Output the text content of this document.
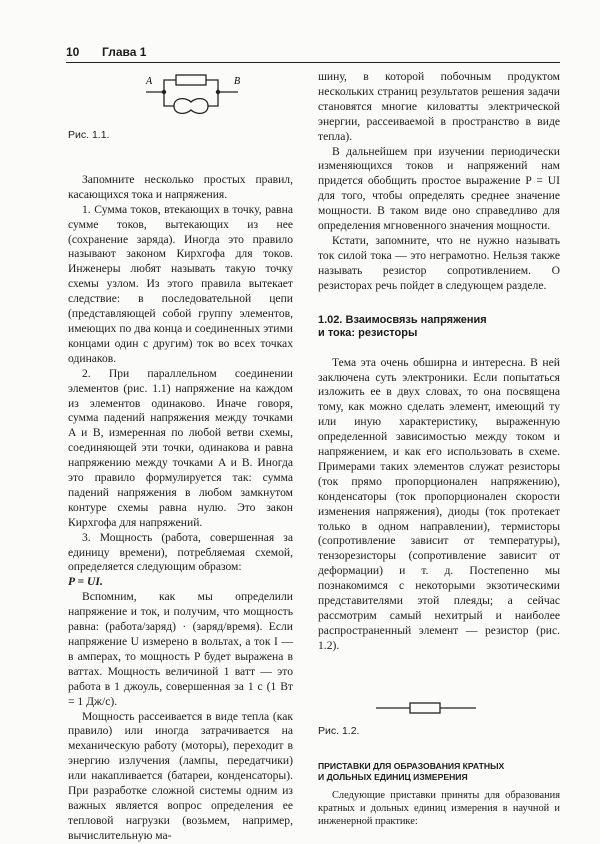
10 Глава 1
A	B

Рис. 1.1.

Запомните несколько простых правил, касающихся тока и напряжения.

1. Сумма токов, втекающих в точку, равна сумме токов, вытекающих из нее (сохранение заряда). Иногда это правило называют законом Кирхгофа для токов. Инженеры любят называть такую точку схемы узлом. Из этого правила вытекает следствие: в последовательной цепи (представляющей собой группу элементов, имеющих по два конца и соединенных этими концами один с другим) ток во всех точках одинаков.

2. При параллельном соединении элементов (рис. 1.1) напряжение на каждом из элементов одинаково. Иначе говоря, сумма падений напряжения между точками A и B, измеренная по любой ветви схемы, соединяющей эти точки, одинакова и равна напряжению между точками A и B. Иногда это правило формулируется так: сумма падений напряжения в любом замкнутом контуре схемы равна нулю. Это закон Кирхгофа для напряжений.

3. Мощность (работа, совершенная за единицу времени), потребляемая схемой, определяется следующим образом:

P = UI.

Вспомним, как мы определили напряжение и ток, и получим, что мощность равна: (работа/заряд) · (заряд/время). Если напряжение U измерено в вольтах, а ток I — в амперах, то мощность P будет выражена в ваттах. Мощность величиной 1 ватт — это работа в 1 джоуль, совершенная за 1 с (1 Вт = 1 Дж/с).

Мощность рассеивается в виде тепла (как правило) или иногда затрачивается на механическую работу (моторы), переходит в энергию излучения (лампы, передатчики) или накапливается (батареи, конденсаторы). При разработке сложной системы одним из важных является вопрос определения ее тепловой нагрузки (возьмем, например, вычислительную ма-

шину, в которой побочным продуктом нескольких страниц результатов решения задачи становятся многие киловатты электрической энергии, рассеиваемой в пространство в виде тепла).

В дальнейшем при изучении периодически изменяющихся токов и напряжений нам придется обобщить простое выражение P = UI для того, чтобы определять среднее значение мощности. В таком виде оно справедливо для определения мгновенного значения мощности.

Кстати, запомните, что не нужно называть ток силой тока — это неграмотно. Нельзя также называть резистор сопротивлением. О резисторах речь пойдет в следующем разделе.

1.02. Взаимосвязь напряжения
и тока: резисторы

Тема эта очень обширна и интересна. В ней заключена суть электроники. Если попытаться изложить ее в двух словах, то она посвящена тому, как можно сделать элемент, имеющий ту или иную характеристику, выраженную определенной зависимостью между током и напряжением, и как его использовать в схеме. Примерами таких элементов служат резисторы (ток прямо пропорционален напряжению), конденсаторы (ток пропорционален скорости изменения напряжения), диоды (ток протекает только в одном направлении), термисторы (сопротивление зависит от температуры), тензорезисторы (сопротивление зависит от деформации) и т. д. Постепенно мы познакомимся с некоторыми экзотическими представителями этой плеяды; а сейчас рассмотрим самый нехитрый и наиболее распространенный элемент — резистор (рис. 1.2).

Рис. 1.2.

ПРИСТАВКИ ДЛЯ ОБРАЗОВАНИЯ КРАТНЫХ
И ДОЛЬНЫХ ЕДИНИЦ ИЗМЕРЕНИЯ

Следующие приставки приняты для образования кратных и дольных единиц измерения в научной и инженерной практике:
